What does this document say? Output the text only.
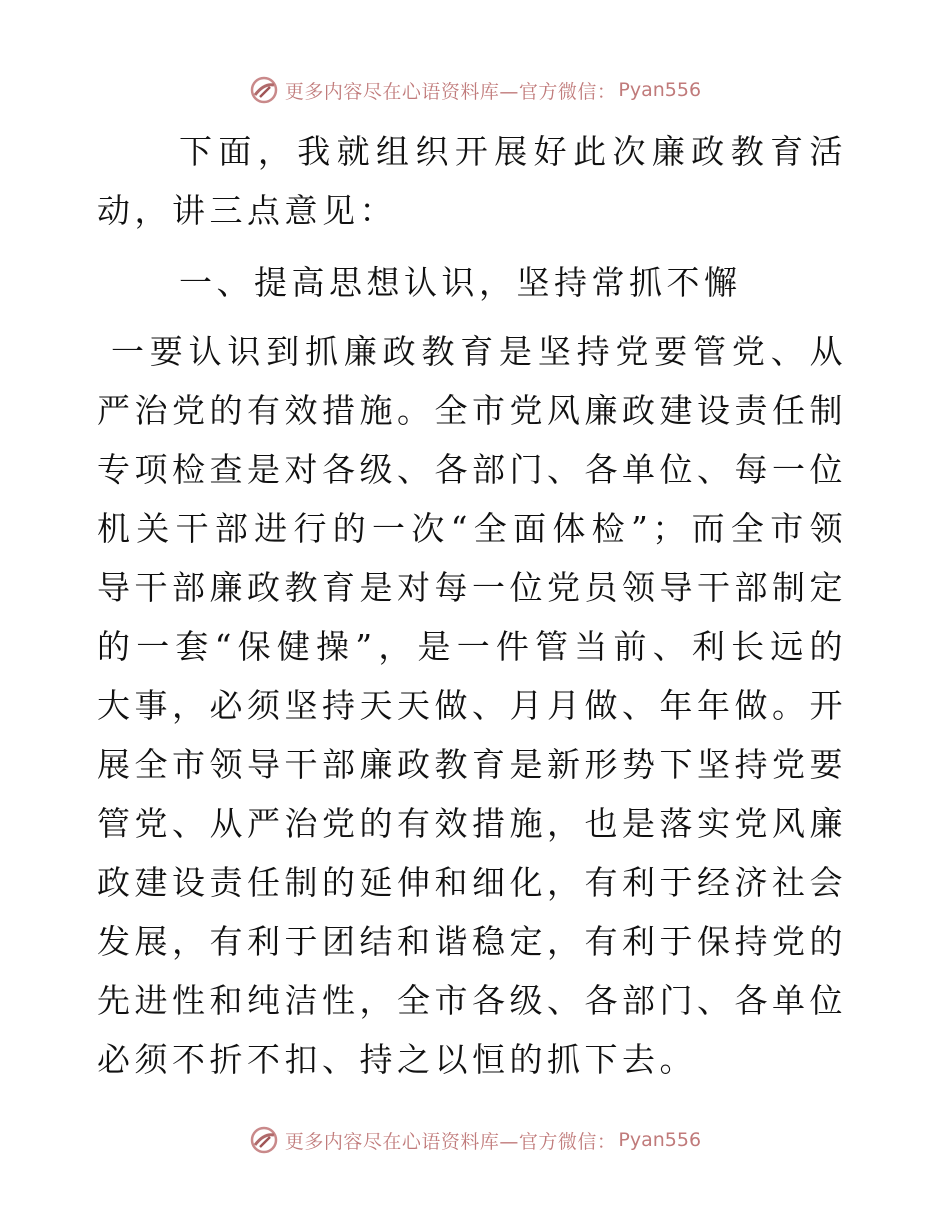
更多内容尽在心语资料库—官方微信： Pyan556

下面，我就组织开展好此次廉政教育活动，讲三点意见：

一、提高思想认识，坚持常抓不懈

一要认识到抓廉政教育是坚持党要管党、从严治党的有效措施。全市党风廉政建设责任制专项检查是对各级、各部门、各单位、每一位机关干部进行的一次“全面体检”；而全市领导干部廉政教育是对每一位党员领导干部制定的一套“保健操”，是一件管当前、利长远的大事，必须坚持天天做、月月做、年年做。开展全市领导干部廉政教育是新形势下坚持党要管党、从严治党的有效措施，也是落实党风廉政建设责任制的延伸和细化，有利于经济社会发展，有利于团结和谐稳定，有利于保持党的先进性和纯洁性，全市各级、各部门、各单位必须不折不扣、持之以恒的抓下去。

更多内容尽在心语资料库—官方微信： Pyan556
